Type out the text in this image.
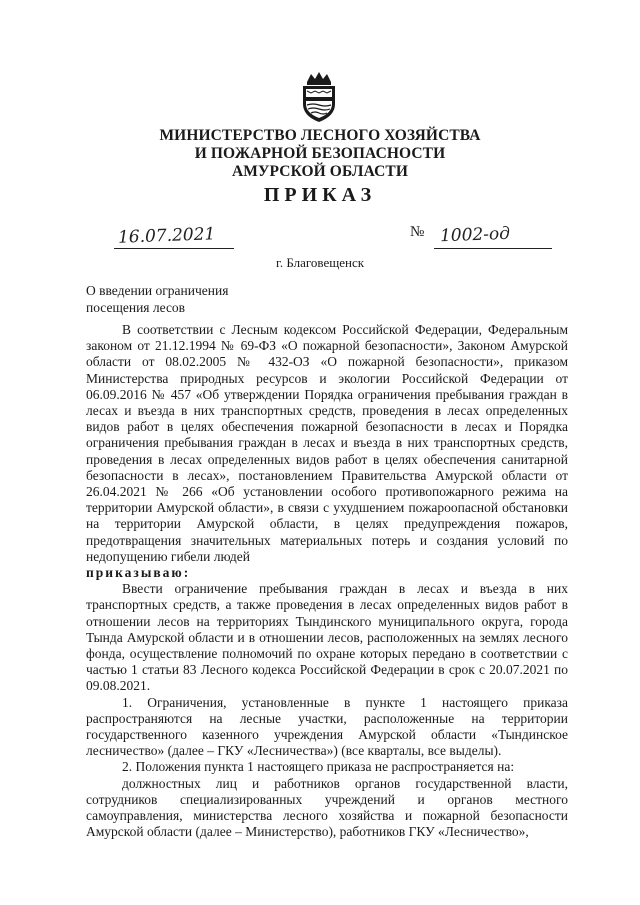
МИНИСТЕРСТВО ЛЕСНОГО ХОЗЯЙСТВА
И ПОЖАРНОЙ БЕЗОПАСНОСТИ
АМУРСКОЙ ОБЛАСТИ
ПРИКАЗ
16.07.2021	№ 1002-од
г. Благовещенск
О введении ограничения
посещения лесов

В соответствии с Лесным кодексом Российской Федерации, Федеральным законом от 21.12.1994 № 69-ФЗ «О пожарной безопасности», Законом Амурской области от 08.02.2005 № 432-ОЗ «О пожарной безопасности», приказом Министерства природных ресурсов и экологии Российской Федерации от 06.09.2016 № 457 «Об утверждении Порядка ограничения пребывания граждан в лесах и въезда в них транспортных средств, проведения в лесах определенных видов работ в целях обеспечения пожарной безопасности в лесах и Порядка ограничения пребывания граждан в лесах и въезда в них транспортных средств, проведения в лесах определенных видов работ в целях обеспечения санитарной безопасности в лесах», постановлением Правительства Амурской области от 26.04.2021 № 266 «Об установлении особого противопожарного режима на территории Амурской области», в связи с ухудшением пожароопасной обстановки на территории Амурской области, в целях предупреждения пожаров, предотвращения значительных материальных потерь и создания условий по недопущению гибели людей

приказываю:

Ввести ограничение пребывания граждан в лесах и въезда в них транспортных средств, а также проведения в лесах определенных видов работ в отношении лесов на территориях Тындинского муниципального округа, города Тында Амурской области и в отношении лесов, расположенных на землях лесного фонда, осуществление полномочий по охране которых передано в соответствии с частью 1 статьи 83 Лесного кодекса Российской Федерации в срок с 20.07.2021 по 09.08.2021.

1. Ограничения, установленные в пункте 1 настоящего приказа распространяются на лесные участки, расположенные на территории государственного казенного учреждения Амурской области «Тындинское лесничество» (далее – ГКУ «Лесничества») (все кварталы, все выделы).

2. Положения пункта 1 настоящего приказа не распространяется на:

должностных лиц и работников органов государственной власти, сотрудников специализированных учреждений и органов местного самоуправления, министерства лесного хозяйства и пожарной безопасности Амурской области (далее – Министерство), работников ГКУ «Лесничество»,
